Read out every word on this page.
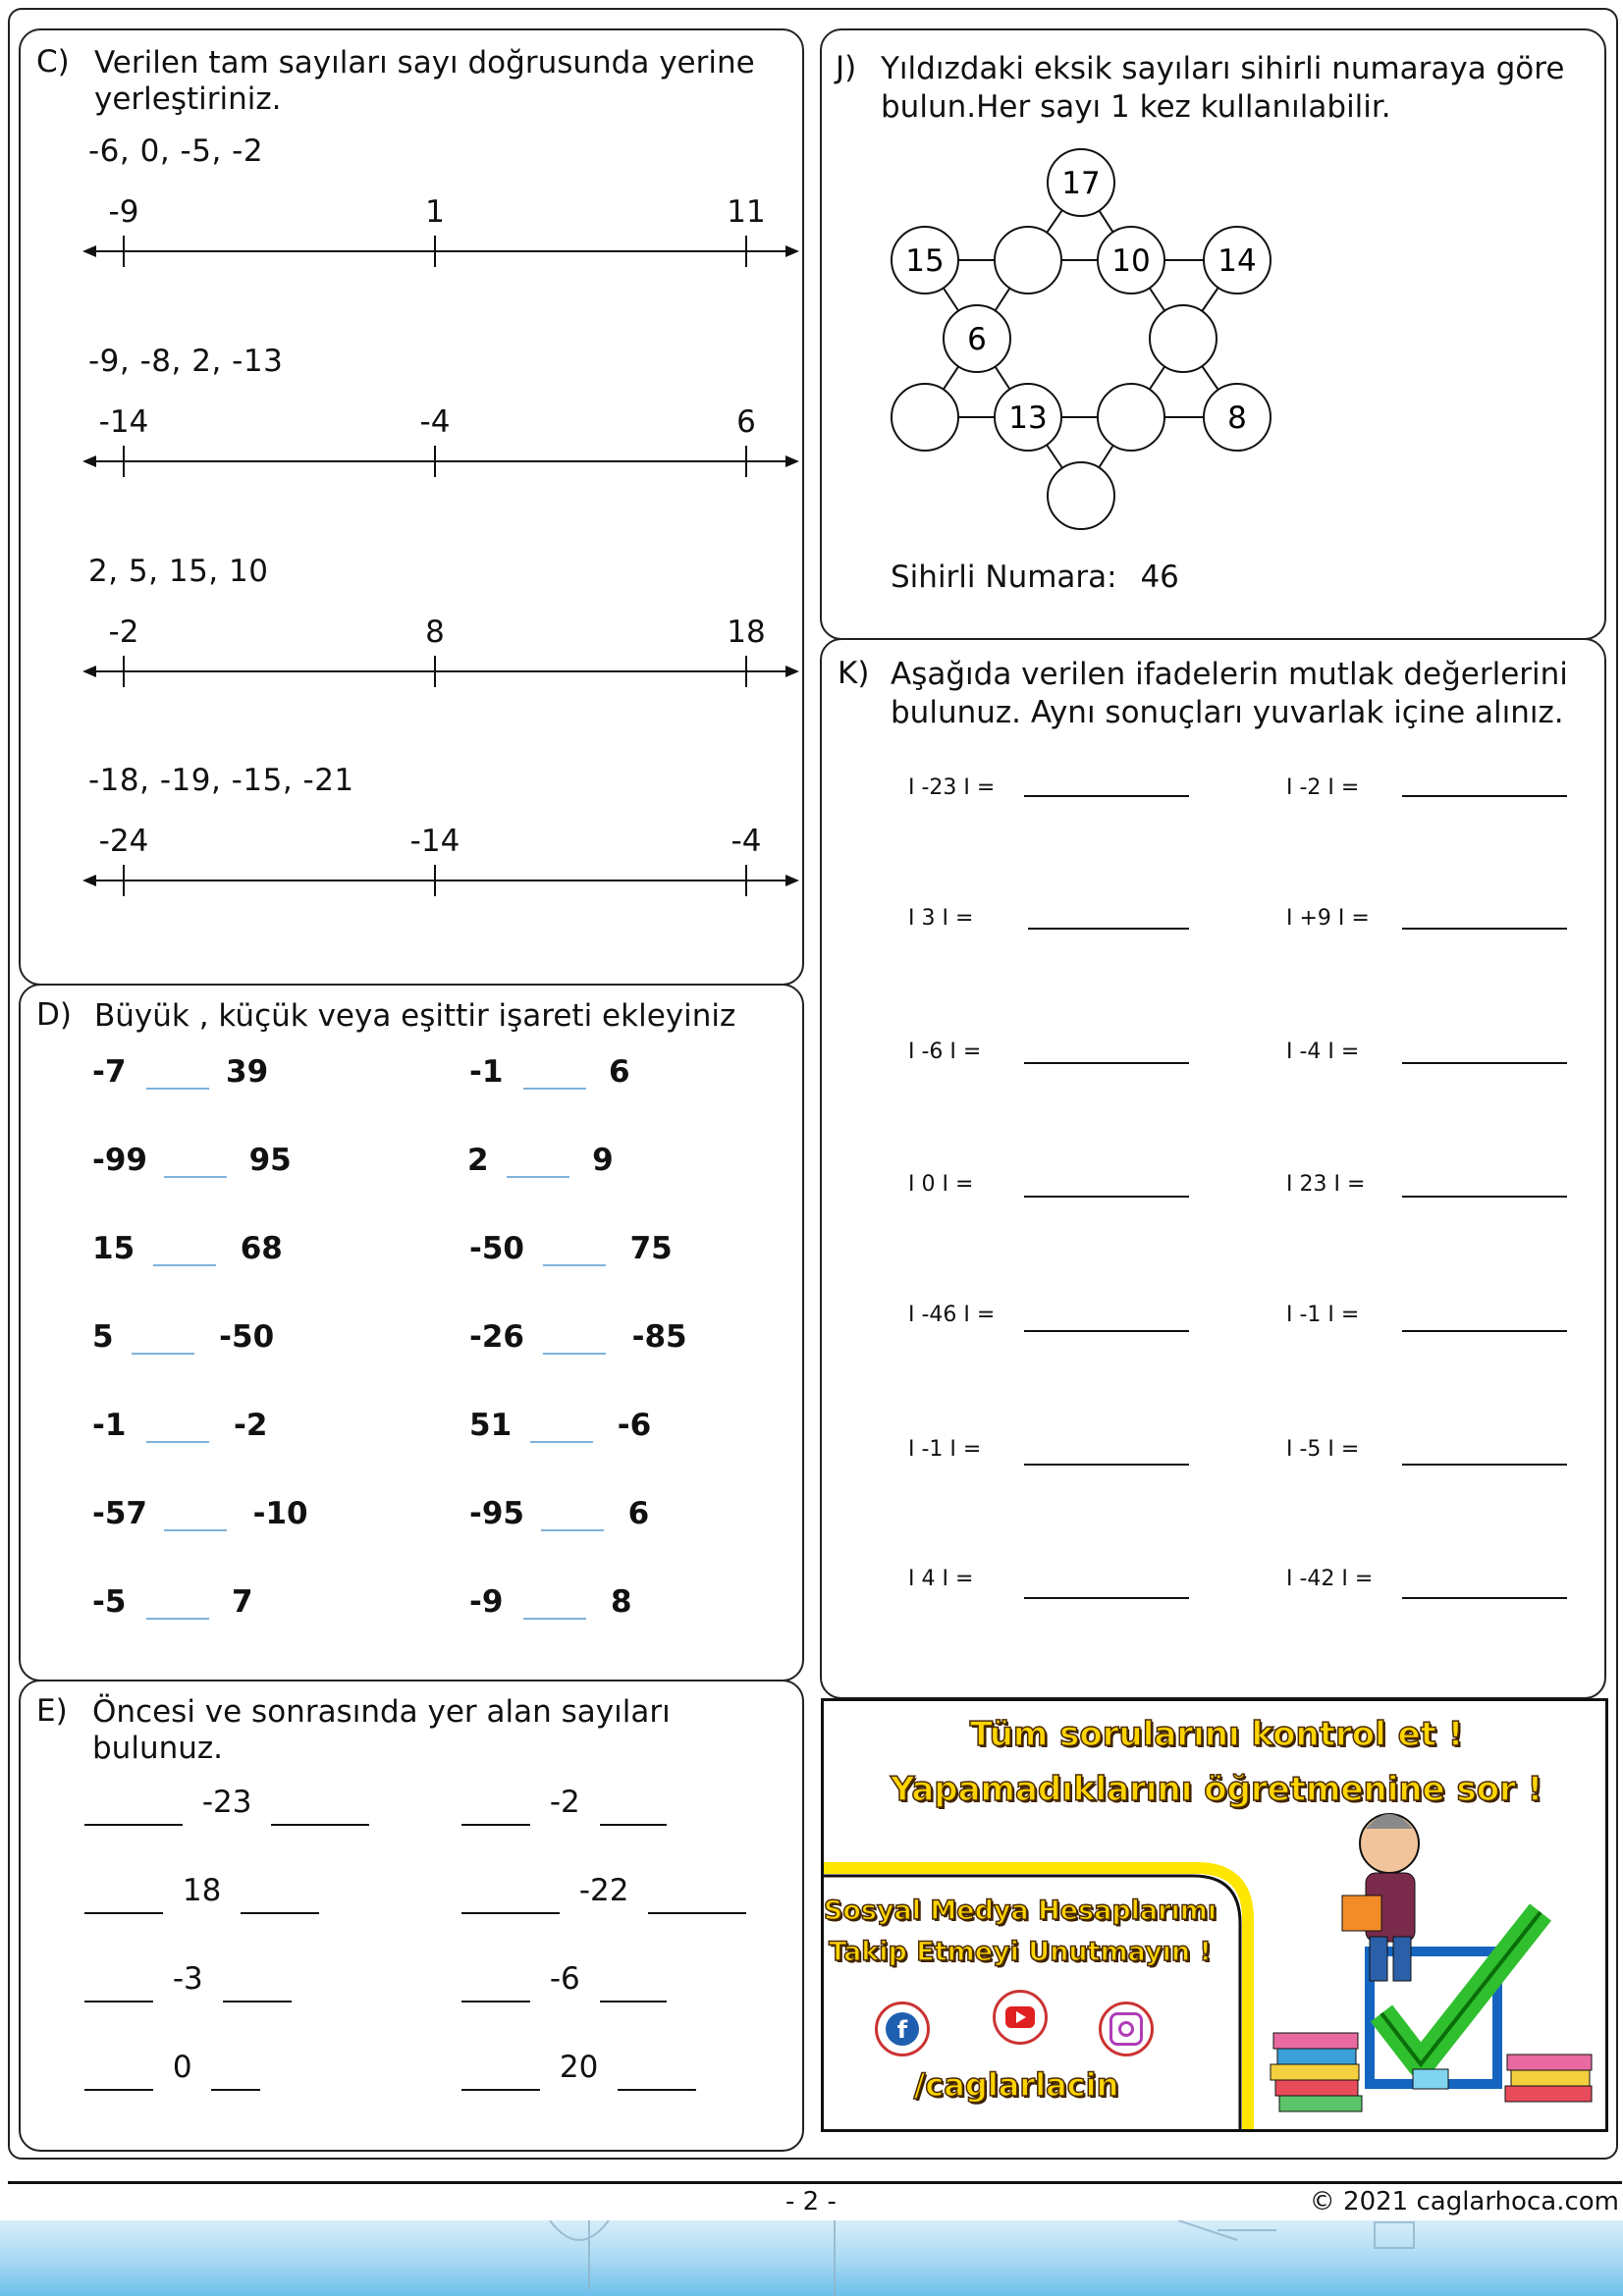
C) Verilen tam sayıları sayı doğrusunda yerine
yerleştiriniz.
-6, 0, -5, -2
-9	1	11
-9, -8, 2, -13
-14	-4	6
2, 5, 15, 10
-2	8	18
-18, -19, -15, -21
-24	-14	-4
D) Büyük , küçük veya eşittir işareti ekleyiniz
-7	39	-1	6
-99	95	2	9
15	68	-50	75
5	-50	-26	-85
-1	-2	51	-6
-57	-10	-95	6
-5	7	-9	8
E) Öncesi ve sonrasında yer alan sayıları
bulunuz.
-23	-2
18	-22
-3	-6
0	20
J) Yıldızdaki eksik sayıları sihirli numaraya göre
bulun.Her sayı 1 kez kullanılabilir.
Sihirli Numara: 46
17
15	10 14
6
13	8
K) Aşağıda verilen ifadelerin mutlak değerlerini
bulunuz. Aynı sonuçları yuvarlak içine alınız.
I -23 I =	I -2 I =
I 3 I =	I +9 I =
I -6 I =	I -4 I =
I 0 I =	I 23 I =
I -46 I =	I -1 I =
I -1 I =	I -5 I =
I 4 I =	I -42 I =
Tüm sorularını kontrol et !
Yapamadıklarını öğretmenine sor !
Sosyal Medya Hesaplarımı
Takip Etmeyi Unutmayın !
f
/caglarlacin
- 2 -	© 2021 caglarhoca.com
